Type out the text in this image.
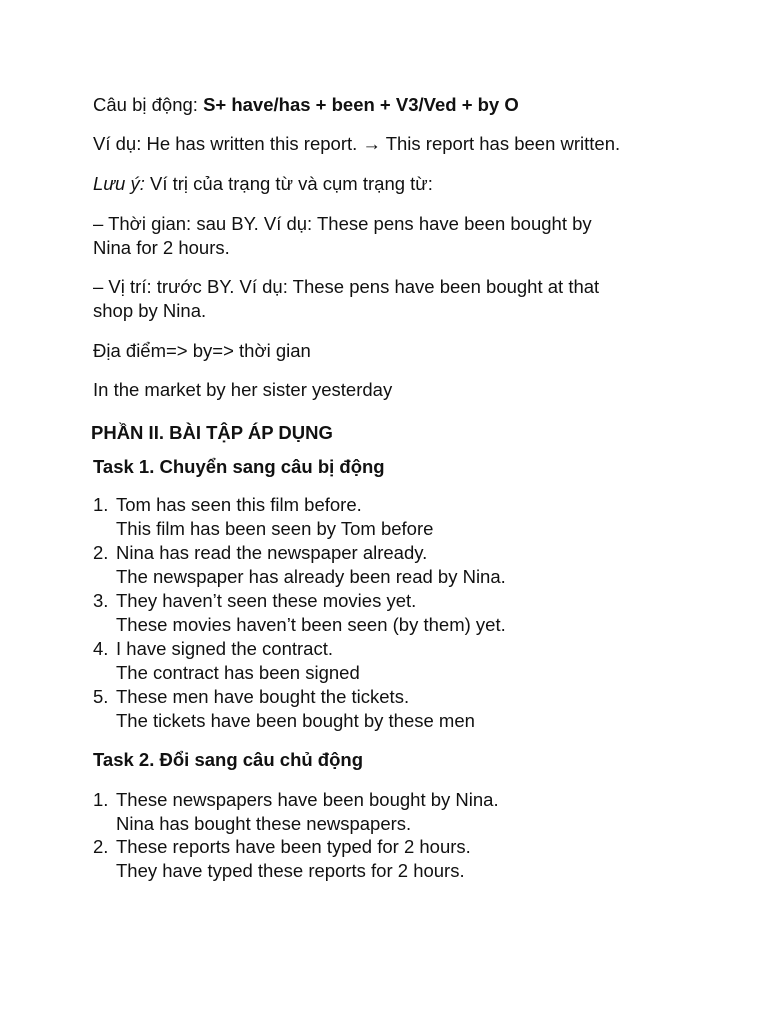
Câu bị động: S+ have/has + been + V3/Ved + by O
Ví dụ: He has written this report. → This report has been written.
Lưu ý: Ví trị của trạng từ và cụm trạng từ:
– Thời gian: sau BY. Ví dụ: These pens have been bought by
Nina for 2 hours.
– Vị trí: trước BY. Ví dụ: These pens have been bought at that
shop by Nina.
Địa điểm=> by=> thời gian
In the market by her sister yesterday
PHẦN II. BÀI TẬP ÁP DỤNG
Task 1. Chuyển sang câu bị động
1. Tom has seen this film before.
This film has been seen by Tom before
2. Nina has read the newspaper already.
The newspaper has already been read by Nina.
3. They haven’t seen these movies yet.
These movies haven’t been seen (by them) yet.
4. I have signed the contract.
The contract has been signed
5. These men have bought the tickets.
The tickets have been bought by these men
Task 2. Đổi sang câu chủ động
1. These newspapers have been bought by Nina.
Nina has bought these newspapers.
2. These reports have been typed for 2 hours.
They have typed these reports for 2 hours.
